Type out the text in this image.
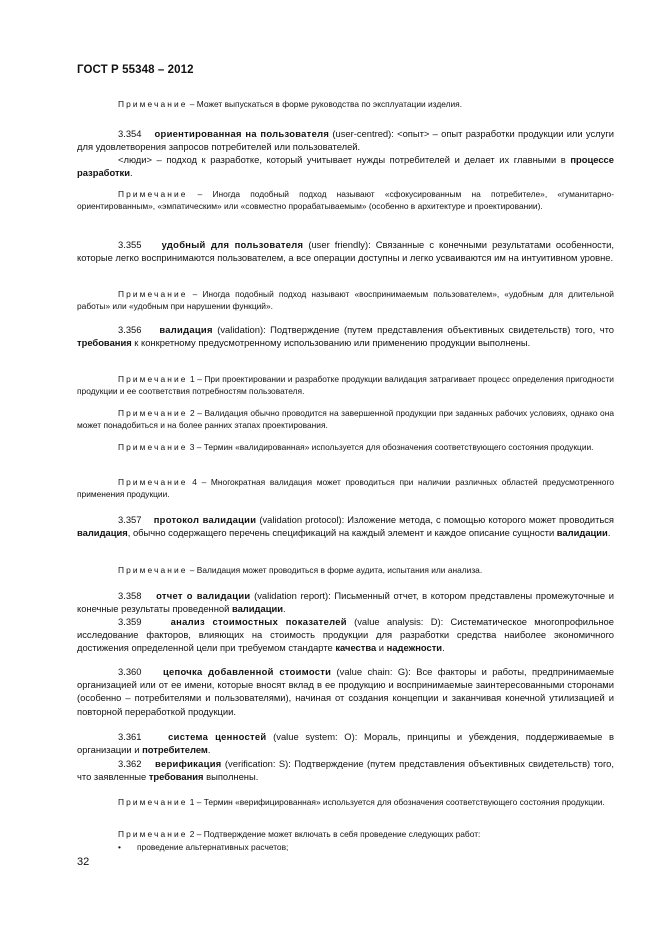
ГОСТ Р 55348 – 2012
Примечание – Может выпускаться в форме руководства по эксплуатации изделия.
3.354 ориентированная на пользователя (user-centred): <опыт> – опыт разработки продукции или услуги для удовлетворения запросов потребителей или пользователей.
<люди> – подход к разработке, который учитывает нужды потребителей и делает их главными в процессе разработки.
Примечание – Иногда подобный подход называют «сфокусированным на потребителе», «гуманитарно-ориентированным», «эмпатическим» или «совместно прорабатываемым» (особенно в архитектуре и проектировании).
3.355 удобный для пользователя (user friendly): Связанные с конечными результатами особенности, которые легко воспринимаются пользователем, а все операции доступны и легко усваиваются им на интуитивном уровне.
Примечание – Иногда подобный подход называют «воспринимаемым пользователем», «удобным для длительной работы» или «удобным при нарушении функций».
3.356 валидация (validation): Подтверждение (путем представления объективных свидетельств) того, что требования к конкретному предусмотренному использованию или применению продукции выполнены.
Примечание 1 – При проектировании и разработке продукции валидация затрагивает процесс определения пригодности продукции и ее соответствия потребностям пользователя.
Примечание 2 – Валидация обычно проводится на завершенной продукции при заданных рабочих условиях, однако она может понадобиться и на более ранних этапах проектирования.
Примечание 3 – Термин «валидированная» используется для обозначения соответствующего состояния продукции.
Примечание 4 – Многократная валидация может проводиться при наличии различных областей предусмотренного применения продукции.
3.357 протокол валидации (validation protocol): Изложение метода, с помощью которого может проводиться валидация, обычно содержащего перечень спецификаций на каждый элемент и каждое описание сущности валидации.
Примечание – Валидация может проводиться в форме аудита, испытания или анализа.
3.358 отчет о валидации (validation report): Письменный отчет, в котором представлены промежуточные и конечные результаты проведенной валидации.
3.359	анализ стоимостных показателей (value analysis: D): Систематическое многопрофильное исследование факторов, влияющих на стоимость продукции для разработки средства наиболее экономичного достижения определенной цели при требуемом стандарте качества и надежности.
3.360 цепочка добавленной стоимости (value chain: G): Все факторы и работы, предпринимаемые организацией или от ее имени, которые вносят вклад в ее продукцию и воспринимаемые заинтересованными сторонами (особенно – потребителями и пользователями), начиная от создания концепции и заканчивая конечной утилизацией и повторной переработкой продукции.
3.361	система ценностей (value system: O): Мораль, принципы и убеждения, поддерживаемые в организации и потребителем.
3.362 верификация (verification: S): Подтверждение (путем представления объективных свидетельств) того, что заявленные требования выполнены.
Примечание 1 – Термин «верифицированная» используется для обозначения соответствующего состояния продукции.
Примечание 2 – Подтверждение может включать в себя проведение следующих работ:
• проведение альтернативных расчетов;
32
